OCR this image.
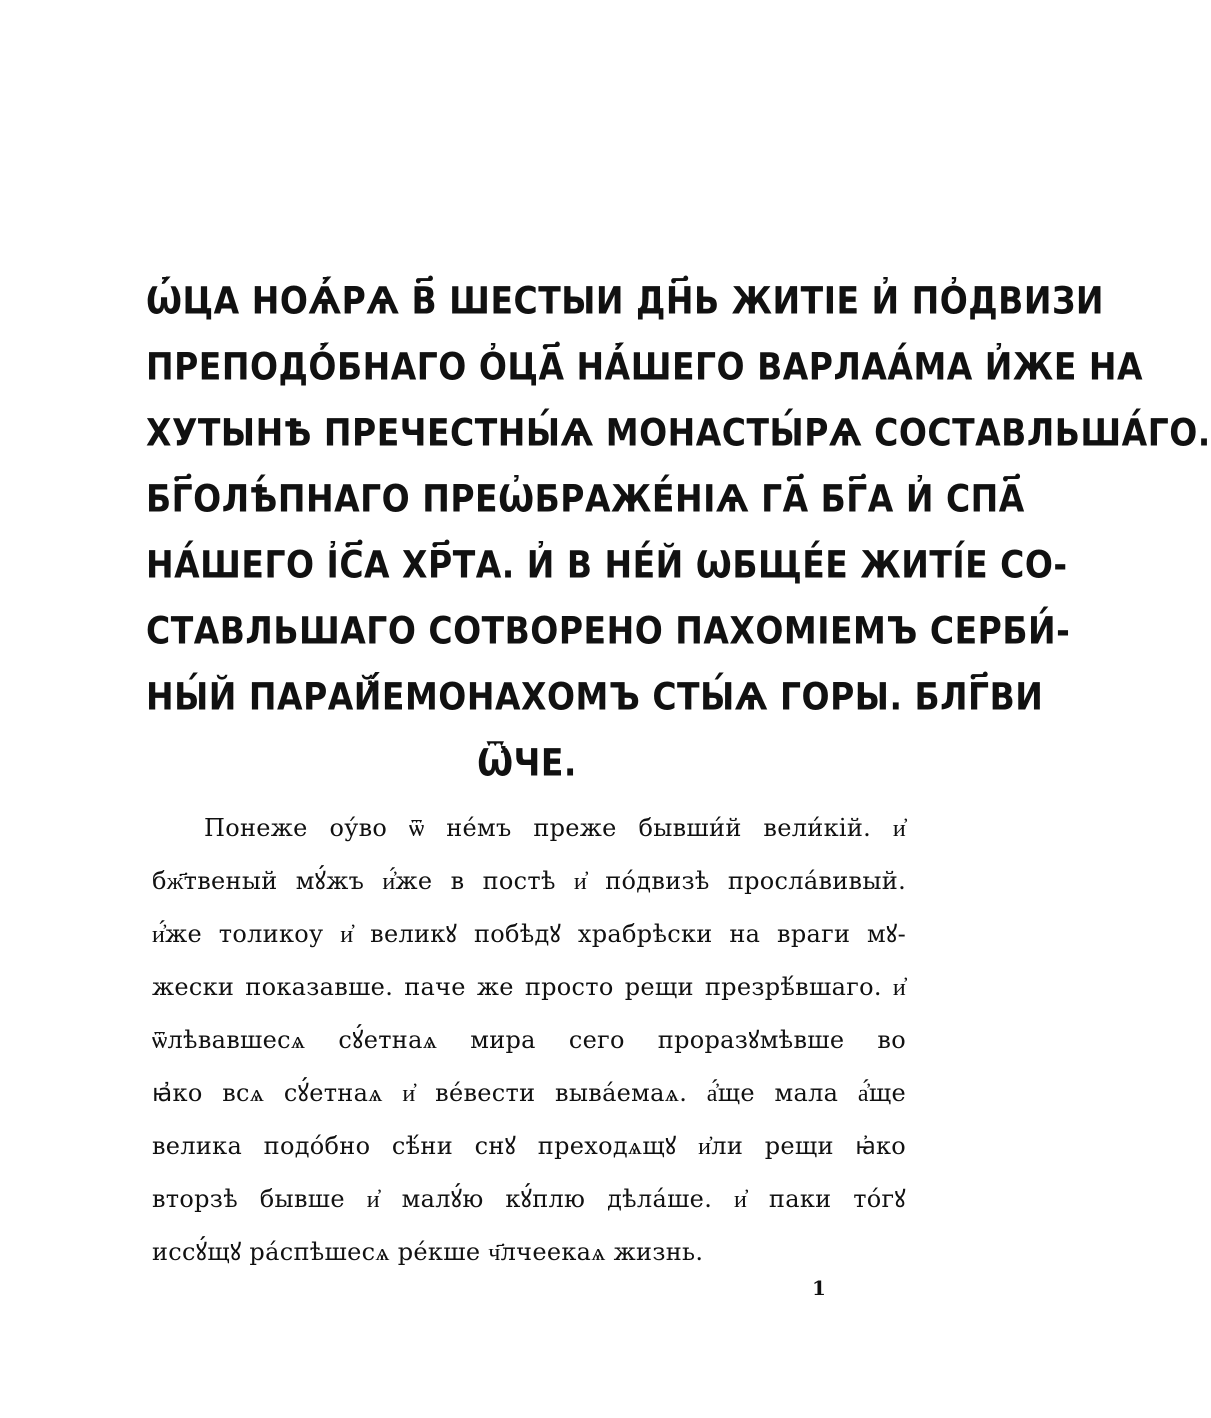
Ѡ҆́ЦА НОѦ҆́РѦ В҃ ШЕСТЫИ ДН҃Ь ЖИТІЕ И҆ ПО҆ДВИЗИ
ПРЕПОДО҆́БНАГО О҆ЦА҃ НА҆́ШЕГО ВАРЛАА́МА И҆ЖЕ НА
ХУТЫНѢ ПРЕЧЕСТНЫ́Ѧ МОНАСТЫ́РѦ СОСТАВЛЬША́ГО.
БГ҃ОЛѢ́ПНАГО ПРЕѠ҆БРАЖЕ́НІѦ ГА҃ БГ҃А И҆ СПА҃
НА́ШЕГО І҆С҃А ХР҃ТА. И҆ В НЕ́Й ѠБЩЕ́Е ЖИТІ́Е СО-
СТАВЛЬШАГО СОТВОРЕНО ПАХОМІЕМЪ СЕРБИ́-
НЫ́Й ПАРАЙ̈́ЕМОНАХОМЪ СТЫ́Ѧ ГОРЫ. БЛГ҃ВИ
Ѿ҆ЧЕ.
Понеже оу́во ѿ не́мъ преже бывши́й вели́кій. и҆
бж҃твеный мꙋ́жъ и҆́же в постѣ и҆ по́двизѣ просла́вивый.
и҆́же толикоу и҆ великꙋ побѣдꙋ храбрѣски на враги мꙋ-
жески показавше. паче же просто рещи презрѣ́вшаго. и҆
ѿлѣвавшесѧ сꙋ́етнаѧ мира сего проразꙋмѣвше во
ꙗ҆ко всѧ сꙋ́етнаѧ и҆ ве́вести выва́емаѧ. а҆́ще мала а҆́ще
велика подо́бно сѣ́ни снꙋ преходѧщꙋ и҆ли рещи ꙗ҆ко
вторзѣ бывше и҆ малꙋ́ю кꙋ́плю дѣла́ше. и҆ паки то́гꙋ
иссꙋ́щꙋ ра́спѣшесѧ ре́кше ч҃лчеекаѧ жизнь.
1
